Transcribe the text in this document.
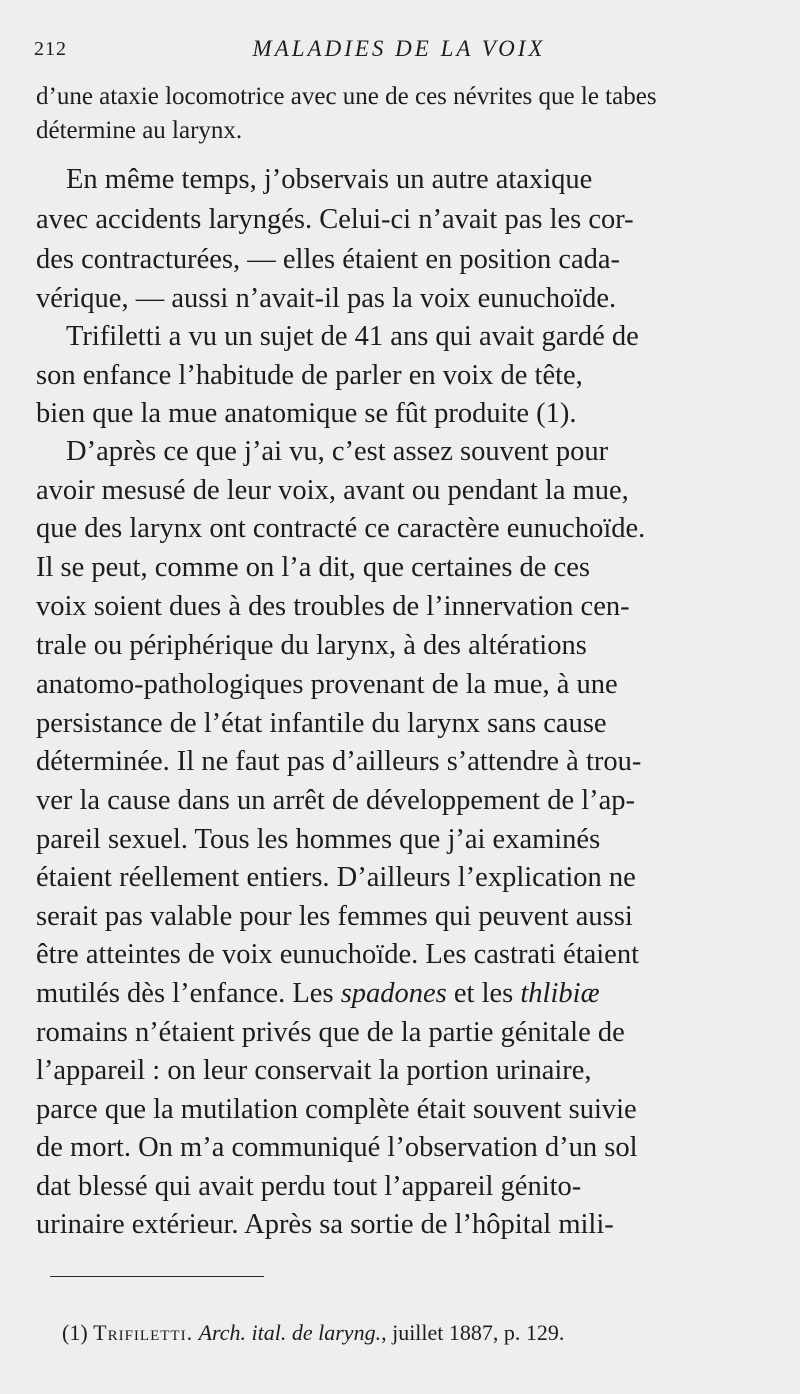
212	MALADIES DE LA VOIX
d’une ataxie locomotrice avec une de ces névrites que le tabes
détermine au larynx.
En même temps, j’observais un autre ataxique
avec accidents laryngés. Celui-ci n’avait pas les cor-
des contracturées, — elles étaient en position cada-
vérique, — aussi n’avait-il pas la voix eunuchoïde.
Trifiletti a vu un sujet de 41 ans qui avait gardé de
son enfance l’habitude de parler en voix de tête,
bien que la mue anatomique se fût produite (1).
D’après ce que j’ai vu, c’est assez souvent pour
avoir mesusé de leur voix, avant ou pendant la mue,
que des larynx ont contracté ce caractère eunuchoïde.
Il se peut, comme on l’a dit, que certaines de ces
voix soient dues à des troubles de l’innervation cen-
trale ou périphérique du larynx, à des altérations
anatomo-pathologiques provenant de la mue, à une
persistance de l’état infantile du larynx sans cause
déterminée. Il ne faut pas d’ailleurs s’attendre à trou-
ver la cause dans un arrêt de développement de l’ap-
pareil sexuel. Tous les hommes que j’ai examinés
étaient réellement entiers. D’ailleurs l’explication ne
serait pas valable pour les femmes qui peuvent aussi
être atteintes de voix eunuchoïde. Les castrati étaient
mutilés dès l’enfance. Les spadones et les thlibiæ
romains n’étaient privés que de la partie génitale de
l’appareil : on leur conservait la portion urinaire,
parce que la mutilation complète était souvent suivie
de mort. On m’a communiqué l’observation d’un sol
dat blessé qui avait perdu tout l’appareil génito-
urinaire extérieur. Après sa sortie de l’hôpital mili-
(1) Trifiletti. Arch. ital. de laryng., juillet 1887, p. 129.
